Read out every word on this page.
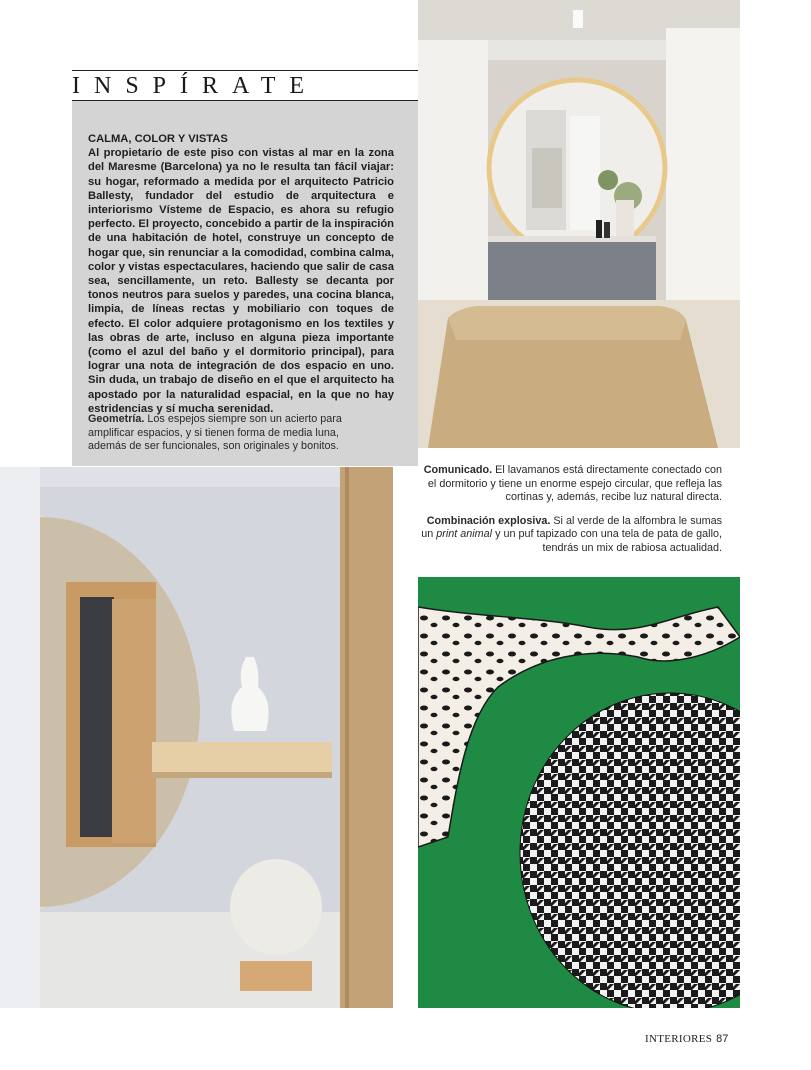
INSPÍRATE
CALMA, COLOR Y VISTAS
Al propietario de este piso con vistas al mar en la zona del Maresme (Barcelona) ya no le resulta tan fácil viajar: su hogar, reformado a medida por el arquitecto Patricio Ballesty, fundador del estudio de arquitectura e interiorismo Vísteme de Espacio, es ahora su refugio perfecto. El proyecto, concebido a partir de la inspiración de una habitación de hotel, construye un concepto de hogar que, sin renunciar a la comodidad, combina calma, color y vistas espectaculares, haciendo que salir de casa sea, sencillamente, un reto. Ballesty se decanta por tonos neutros para suelos y paredes, una cocina blanca, limpia, de líneas rectas y mobiliario con toques de efecto. El color adquiere protagonismo en los textiles y las obras de arte, incluso en alguna pieza importante (como el azul del baño y el dormitorio principal), para lograr una nota de integración de dos espacio en uno. Sin duda, un trabajo de diseño en el que el arquitecto ha apostado por la naturalidad espacial, en la que no hay estridencias y sí mucha serenidad.
Geometría. Los espejos siempre son un acierto para amplificar espacios, y si tienen forma de media luna, además de ser funcionales, son originales y bonitos.

Comunicado. El lavamanos está directamente conectado con el dormitorio y tiene un enorme espejo circular, que refleja las cortinas y, además, recibe luz natural directa.

Combinación explosiva. Si al verde de la alfombra le sumas un print animal y un puf tapizado con una tela de pata de gallo, tendrás un mix de rabiosa actualidad.

INTERIORES 87
